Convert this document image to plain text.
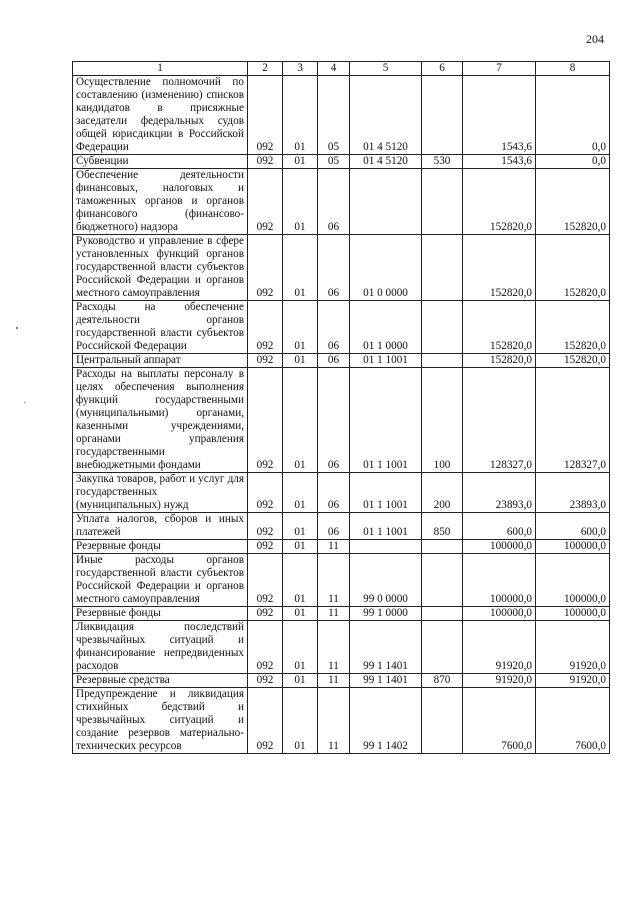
204
1	2	3	4	5	6	7	8
Осуществление полномочий по составлению (изменению) списков кандидатов в присяжные заседатели федеральных судов общей юрисдикции в Российской Федерации	092	01	05	01 4 5120		1543,6	0,0
Субвенции	092	01	05	01 4 5120	530	1543,6	0,0
Обеспечение деятельности финансовых, налоговых и таможенных органов и органов финансового (финансово-бюджетного) надзора	092	01	06			152820,0	152820,0
Руководство и управление в сфере установленных функций органов государственной власти субъектов Российской Федерации и органов местного самоуправления	092	01	06	01 0 0000		152820,0	152820,0
Расходы на обеспечение деятельности органов государственной власти субъектов Российской Федерации	092	01	06	01 1 0000		152820,0	152820,0
Центральный аппарат	092	01	06	01 1 1001		152820,0	152820,0
Расходы на выплаты персоналу в целях обеспечения выполнения функций государственными (муниципальными) органами, казенными учреждениями, органами управления государственными внебюджетными фондами	092	01	06	01 1 1001	100	128327,0	128327,0
Закупка товаров, работ и услуг для государственных (муниципальных) нужд	092	01	06	01 1 1001	200	23893,0	23893,0
Уплата налогов, сборов и иных платежей	092	01	06	01 1 1001	850	600,0	600,0
Резервные фонды	092	01	11			100000,0	100000,0
Иные расходы органов государственной власти субъектов Российской Федерации и органов местного самоуправления	092	01	11	99 0 0000		100000,0	100000,0
Резервные фонды	092	01	11	99 1 0000		100000,0	100000,0
Ликвидация последствий чрезвычайных ситуаций и финансирование непредвиденных расходов	092	01	11	99 1 1401		91920,0	91920,0
Резервные средства	092	01	11	99 1 1401	870	91920,0	91920,0
Предупреждение и ликвидация стихийных бедствий и чрезвычайных ситуаций и создание резервов материально-технических ресурсов	092	01	11	99 1 1402		7600,0	7600,0
